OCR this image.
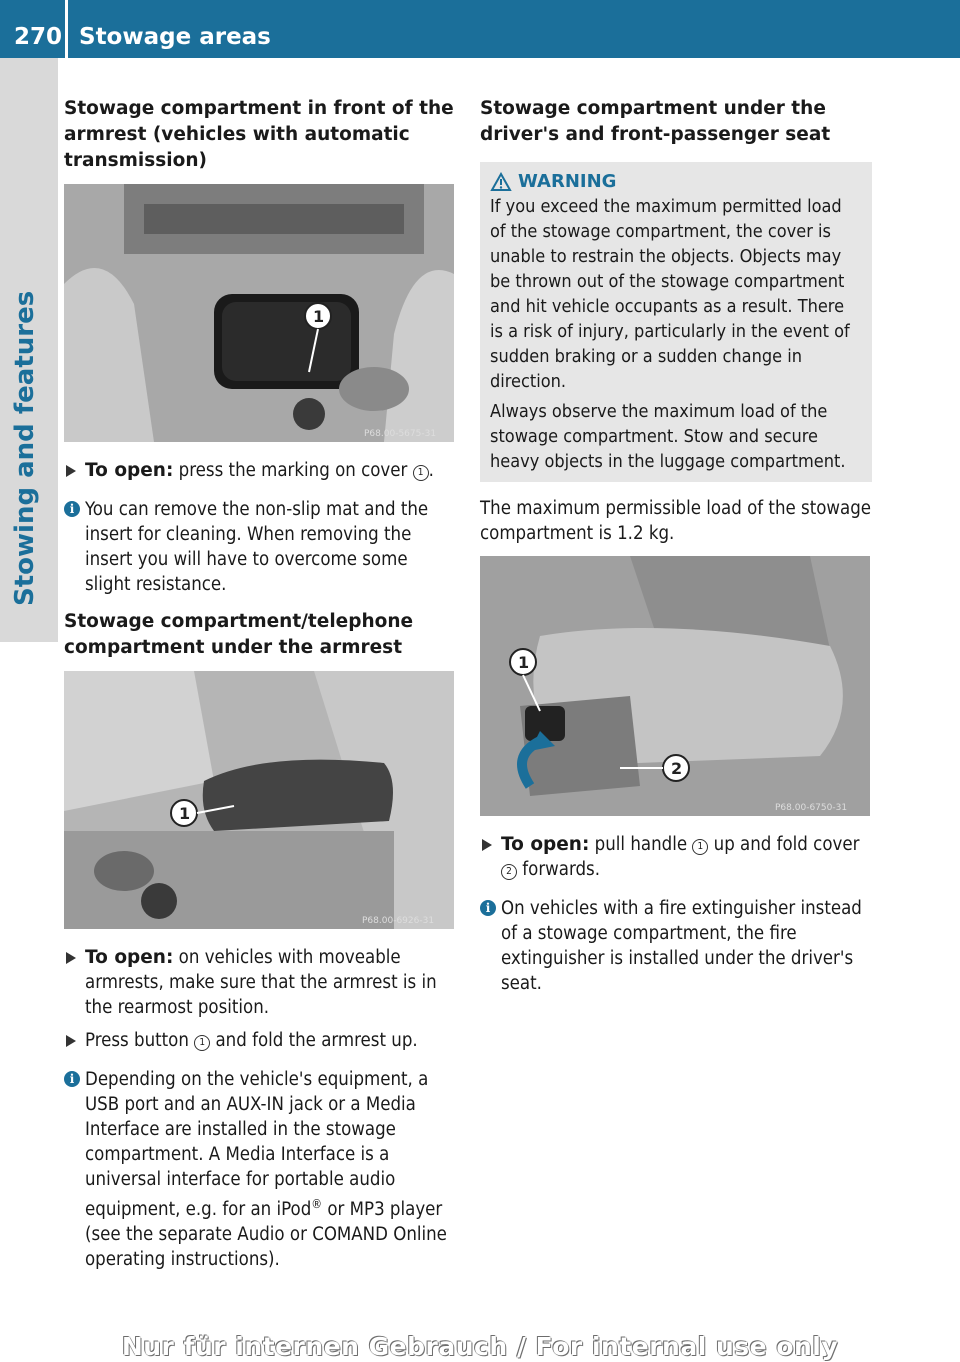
270 Stowage areas
Stowing and features
Stowage compartment in front of the armrest (vehicles with automatic transmission)
1
P68.00-5675-31
To open: press the marking on cover 1 .
i You can remove the non-slip mat and the insert for cleaning. When removing the insert you will have to overcome some slight resistance.
Stowage compartment/telephone compartment under the armrest
1
P68.00-6926-31
To open: on vehicles with moveable armrests, make sure that the armrest is in the rearmost position.
Press button 1 and fold the armrest up.
i Depending on the vehicle's equipment, a USB port and an AUX-IN jack or a Media Interface are installed in the stowage compartment. A Media Interface is a universal interface for portable audio equipment, e.g. for an iPod® or MP3 player (see the separate Audio or COMAND Online operating instructions).
Stowage compartment under the driver's and front-passenger seat
WARNING

If you exceed the maximum permitted load of the stowage compartment, the cover is unable to restrain the objects. Objects may be thrown out of the stowage compartment and hit vehicle occupants as a result. There is a risk of injury, particularly in the event of sudden braking or a sudden change in direction.

Always observe the maximum load of the stowage compartment. Stow and secure heavy objects in the luggage compartment.

The maximum permissible load of the stowage compartment is 1.2 kg.

1
2
P68.00-6750-31
To open: pull handle 1 up and fold cover 2 forwards.
i On vehicles with a fire extinguisher instead of a stowage compartment, the fire extinguisher is installed under the driver's seat.
Nur für internen Gebrauch / For internal use only
